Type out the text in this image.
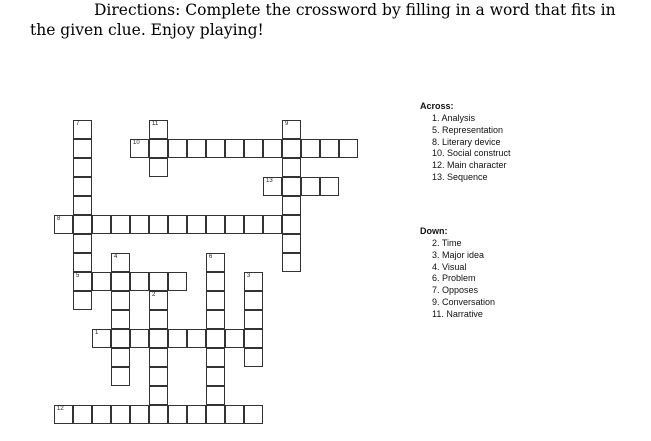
Directions: Complete the crossword by filling in a word that fits in the given clue. Enjoy playing!

1
5
8
10
12
13
2
3
4	6
7	9
11
Across:
1. Analysis
5. Representation
8. Literary device
10. Social construct
12. Main character
13. Sequence
Down:
2. Time
3. Major idea
4. Visual
6. Problem
7. Opposes
9. Conversation
11. Narrative
